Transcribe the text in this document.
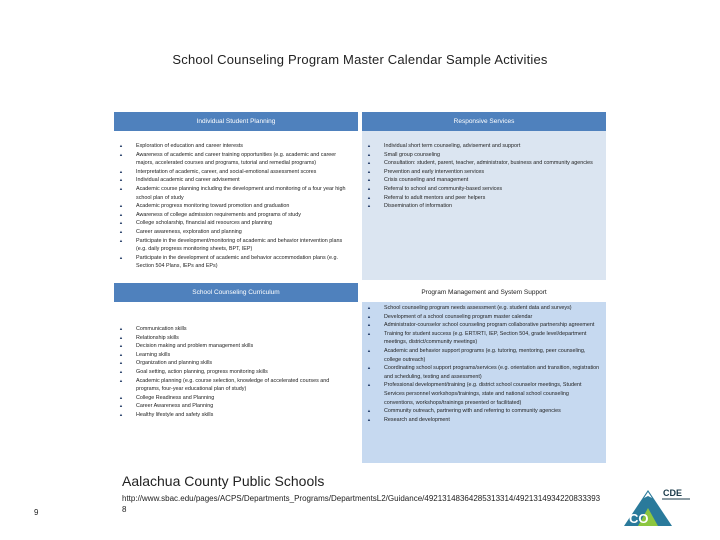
School Counseling Program Master Calendar Sample Activities
Individual Student Planning
▲ Exploration of education and career interests
▲ Awareness of academic and career training opportunities (e.g. academic and career majors, accelerated courses and programs, tutorial and remedial programs)
▲ Interpretation of academic, career, and social-emotional assessment scores
▲ Individual academic and career advisement
▲ Academic course planning including the development and monitoring of a four year high school plan of study
▲ Academic progress monitoring toward promotion and graduation
▲ Awareness of college admission requirements and programs of study
▲ College scholarship, financial aid resources and planning
▲ Career awareness, exploration and planning
▲ Participate in the development/monitoring of academic and behavior intervention plans (e.g. daily progress monitoring sheets, BPT, IEP)
▲ Participate in the development of academic and behavior accommodation plans (e.g. Section 504 Plans, IEPs and EPs)
Responsive Services
▲ Individual short term counseling, advisement and support
▲ Small group counseling
▲ Consultation: student, parent, teacher, administrator, business and community agencies
▲ Prevention and early intervention services
▲ Crisis counseling and management
▲ Referral to school and community-based services
▲ Referral to adult mentors and peer helpers
▲ Dissemination of information
School Counseling Curriculum
▲ Communication skills
▲ Relationship skills
▲ Decision making and problem management skills
▲ Learning skills
▲ Organization and planning skills
▲ Goal setting, action planning, progress monitoring skills
▲ Academic planning (e.g. course selection, knowledge of accelerated courses and programs, four-year educational plan of study)
▲ College Readiness and Planning
▲ Career Awareness and Planning
▲ Healthy lifestyle and safety skills
Program Management and System Support
▲ School counseling program needs assessment (e.g. student data and surveys)
▲ Development of a school counseling program master calendar
▲ Administrator-counselor school counseling program collaborative partnership agreement
▲ Training for student success (e.g. ERT/RTI, IEP, Section 504, grade level/department meetings, district/community meetings)
▲ Academic and behavior support programs (e.g. tutoring, mentoring, peer counseling, college outreach)
▲ Coordinating school support programs/services (e.g. orientation and transition, registration and scheduling, testing and assessment)
▲ Professional development/training (e.g. district school counselor meetings, Student Services personnel workshops/trainings, state and national school counseling conventions, workshops/trainings presented or facilitated)
▲ Community outreach, partnering with and referring to community agencies
▲ Research and development
Aalachua County Public Schools
http://www.sbac.edu/pages/ACPS/Departments_Programs/DepartmentsL2/Guidance/49213148364285313314/49213149342208333938
9
CDE
CO
